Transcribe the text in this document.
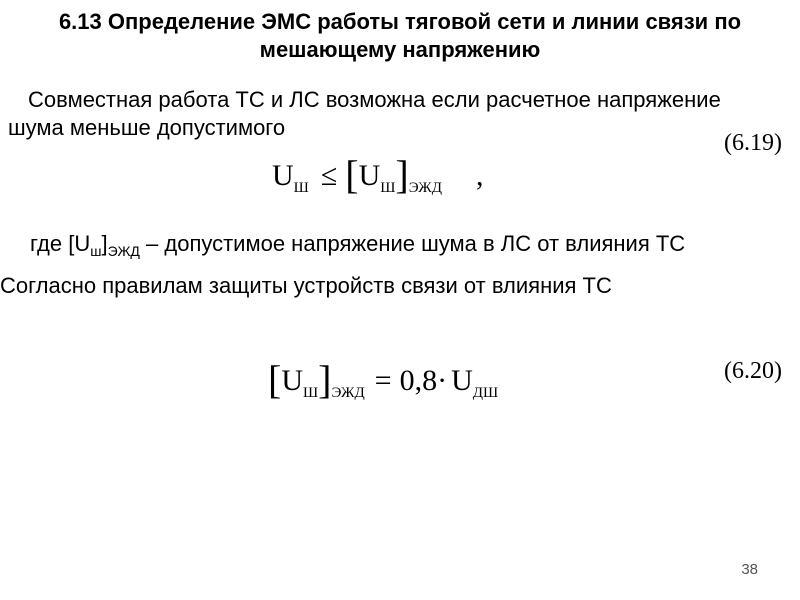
6.13 Определение ЭМС работы тяговой сети и линии связи по
мешающему напряжению
Совместная работа ТС и ЛС возможна если расчетное напряжение
шума меньше допустимого
(6.19)
UШ ≤ [UШ]ЭЖД ,
где $[U_ш]_{ЭЖД}$ – допустимое напряжение шума в ЛС от влияния ТС
Согласно правилам защиты устройств связи от влияния ТС
(6.20)
[UШ]ЭЖД = 0,8· UДШ
38
